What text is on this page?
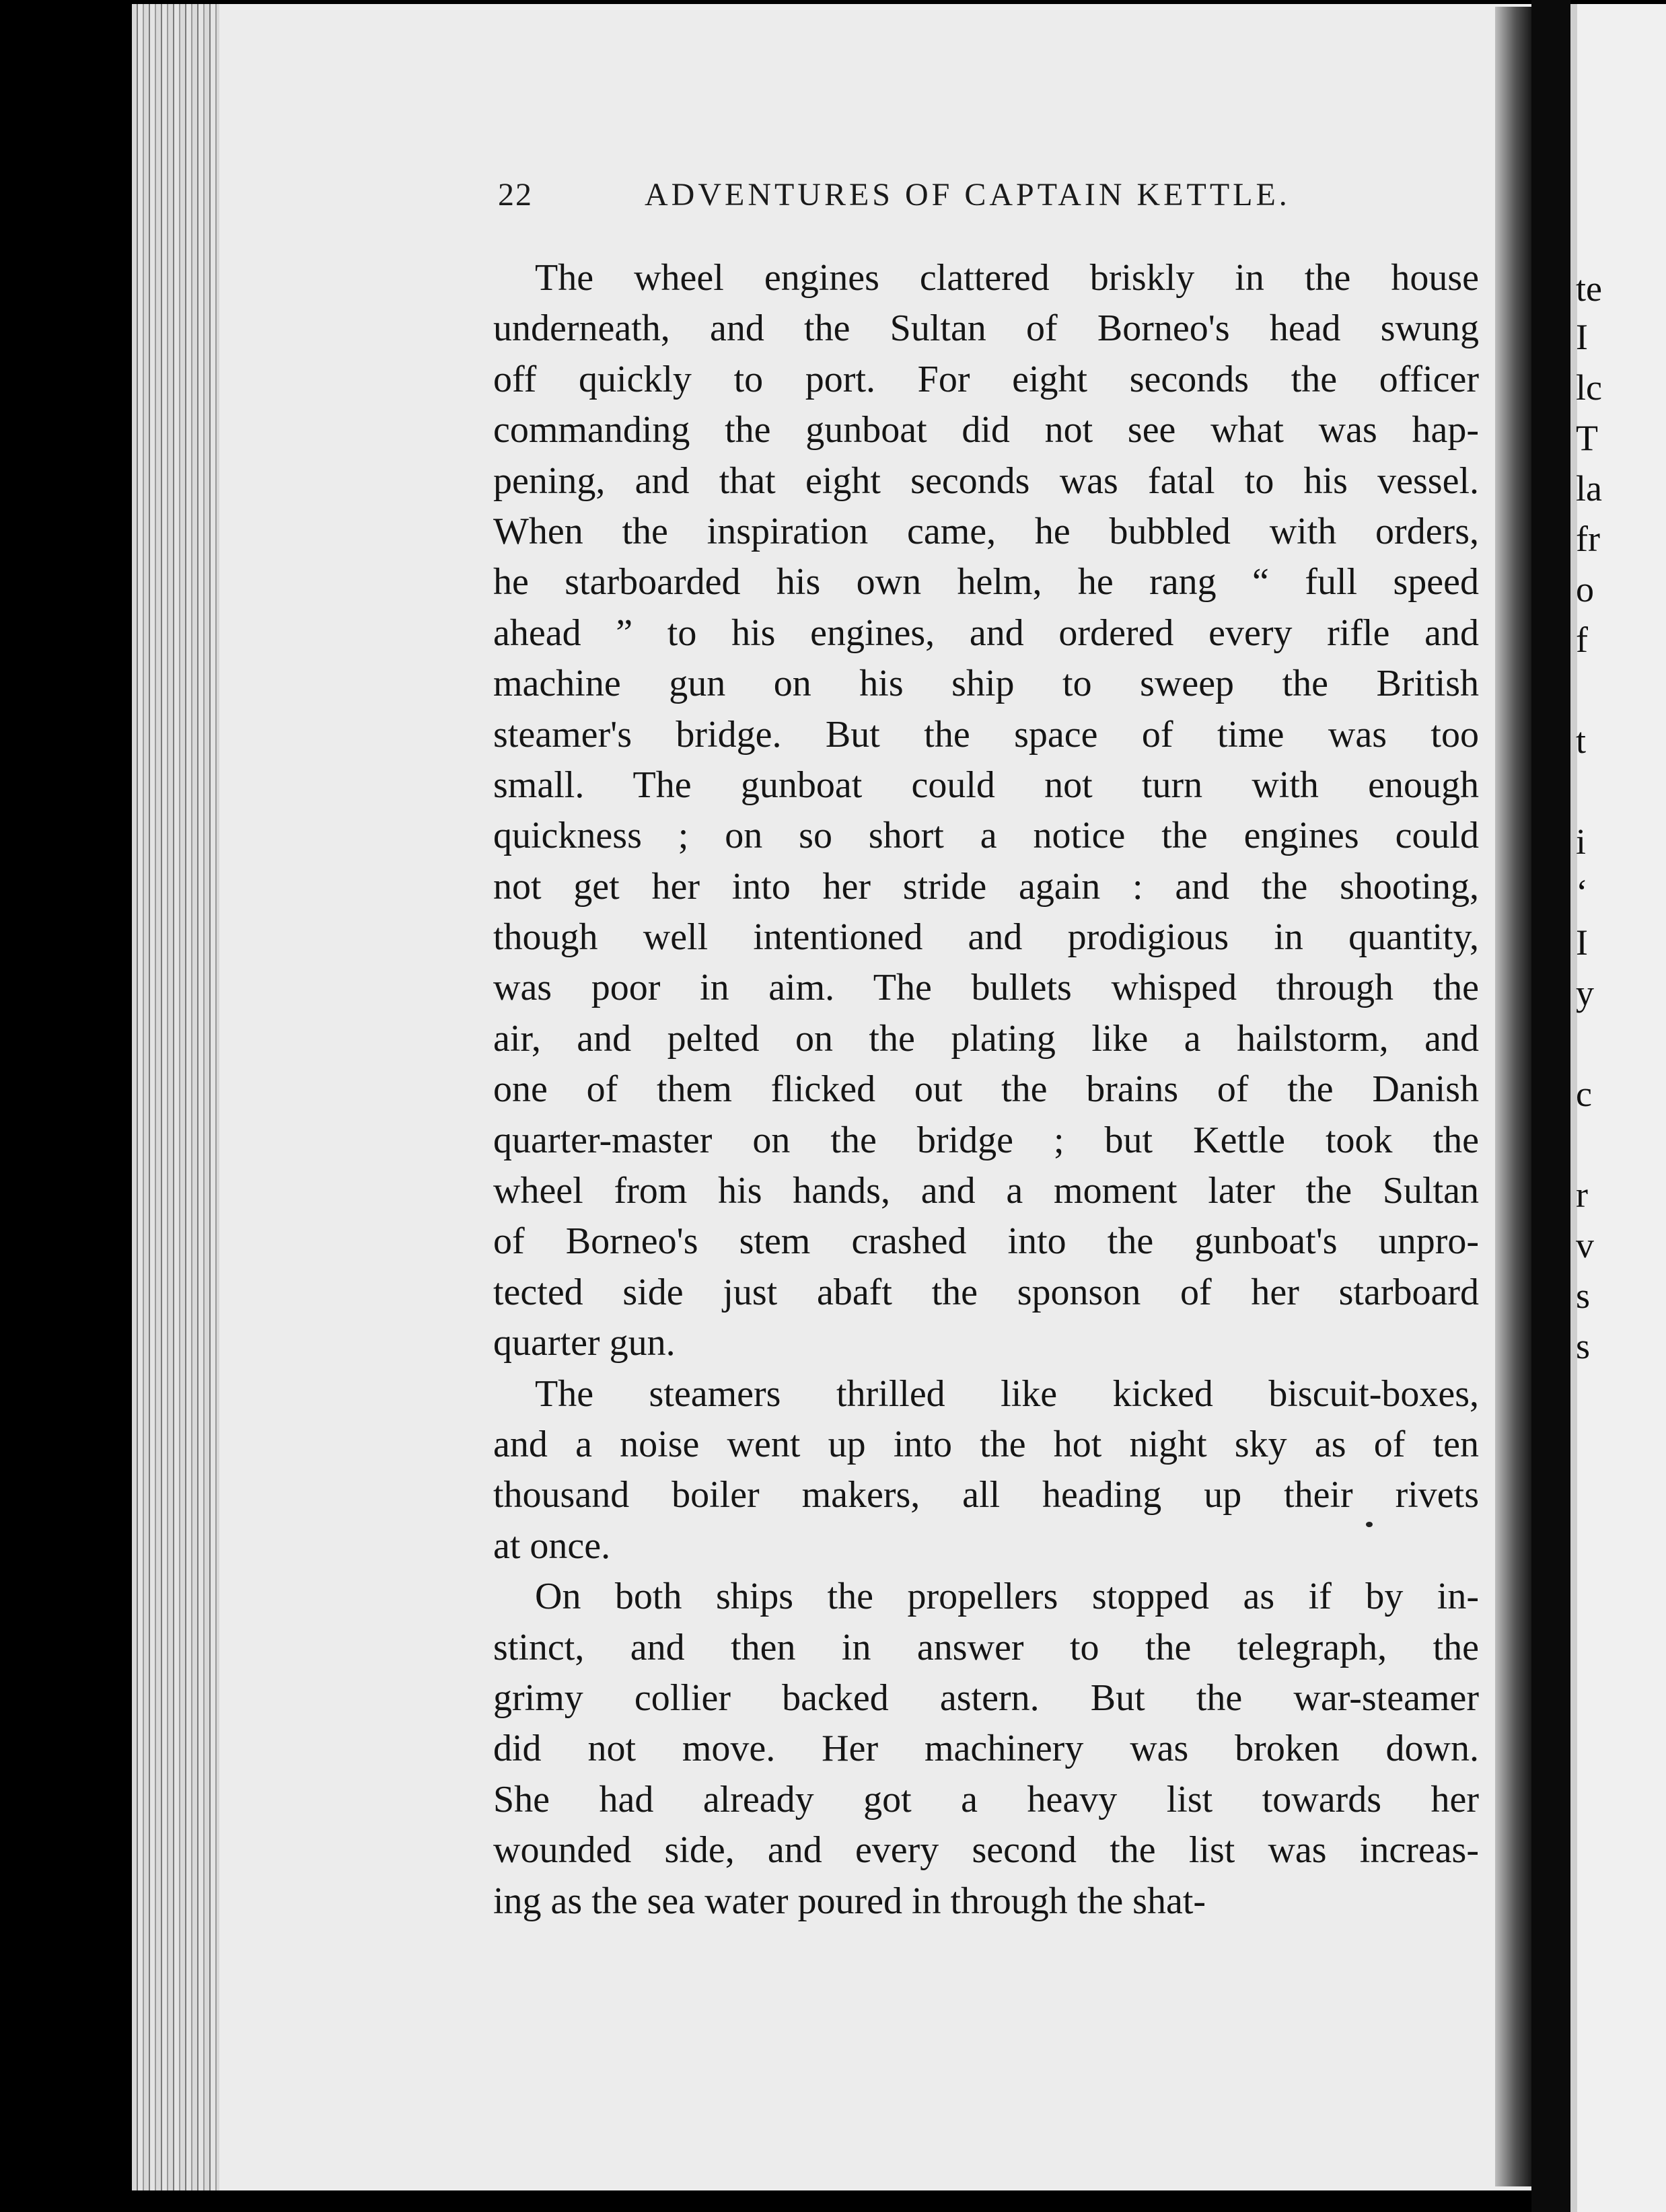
22	ADVENTURES OF CAPTAIN KETTLE.
The wheel engines clattered briskly in the house
underneath, and the Sultan of Borneo's head swung
off quickly to port. For eight seconds the officer
commanding the gunboat did not see what was hap-
pening, and that eight seconds was fatal to his vessel.
When the inspiration came, he bubbled with orders,
he starboarded his own helm, he rang “ full speed
ahead ” to his engines, and ordered every rifle and
machine gun on his ship to sweep the British
steamer's bridge. But the space of time was too
small. The gunboat could not turn with enough
quickness ; on so short a notice the engines could
not get her into her stride again : and the shooting,
though well intentioned and prodigious in quantity,
was poor in aim. The bullets whisped through the
air, and pelted on the plating like a hailstorm, and
one of them flicked out the brains of the Danish
quarter-master on the bridge ; but Kettle took the
wheel from his hands, and a moment later the Sultan
of Borneo's stem crashed into the gunboat's unpro-
tected side just abaft the sponson of her starboard
quarter gun.
The steamers thrilled like kicked biscuit-boxes,
and a noise went up into the hot night sky as of ten
thousand boiler makers, all heading up their rivets
at once.
On both ships the propellers stopped as if by in-
stinct, and then in answer to the telegraph, the
grimy collier backed astern. But the war-steamer
did not move. Her machinery was broken down.
She had already got a heavy list towards her
wounded side, and every second the list was increas-
ing as the sea water poured in through the shat-
te
I
lc
T
la
fr
o
f
t
i
‘
I
y
c
r
v
s
s
